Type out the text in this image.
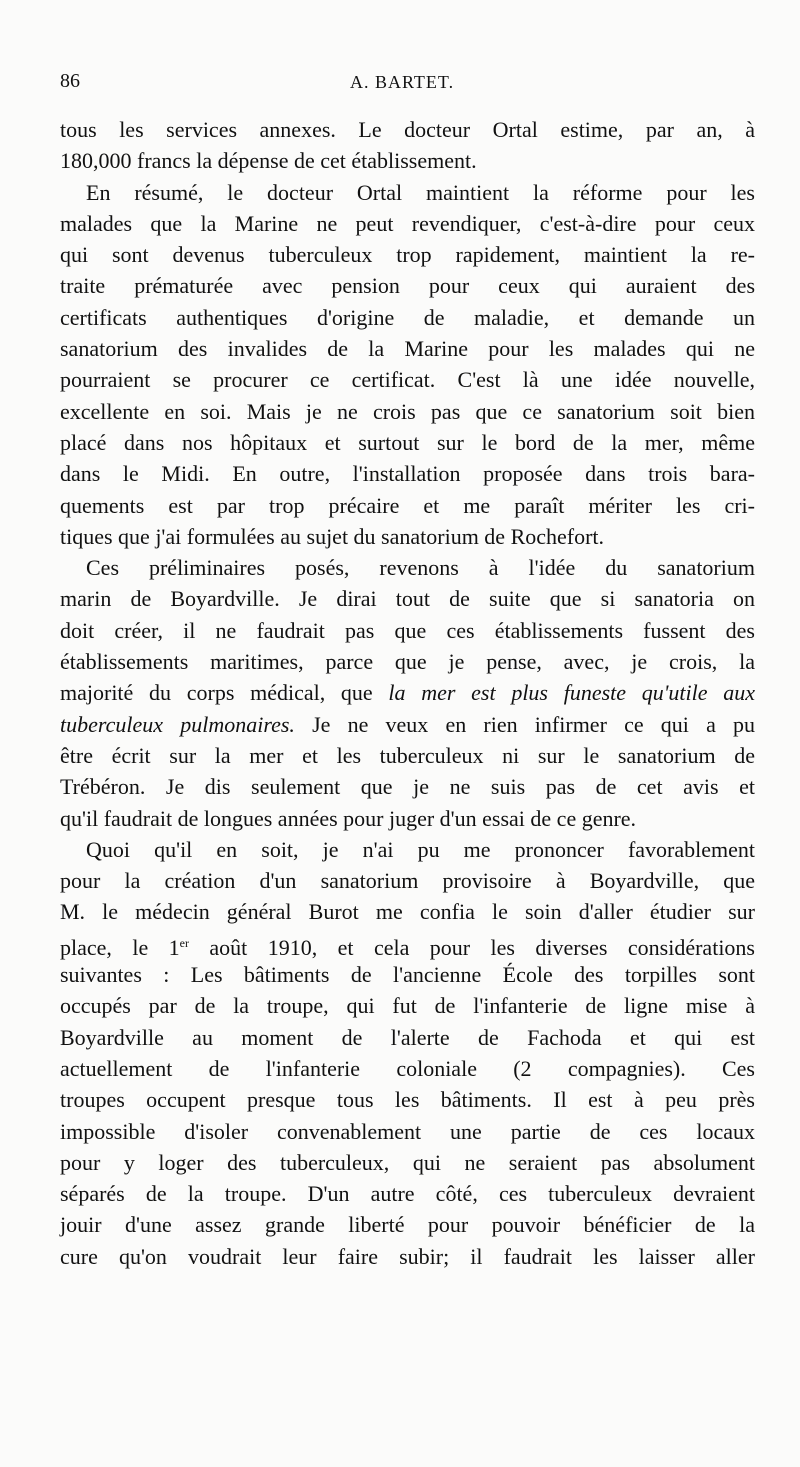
86	A. BARTET.
tous les services annexes. Le docteur Ortal estime, par an, à
180,000 francs la dépense de cet établissement.
En résumé, le docteur Ortal maintient la réforme pour les
malades que la Marine ne peut revendiquer, c'est-à-dire pour ceux
qui sont devenus tuberculeux trop rapidement, maintient la re-
traite prématurée avec pension pour ceux qui auraient des
certificats authentiques d'origine de maladie, et demande un
sanatorium des invalides de la Marine pour les malades qui ne
pourraient se procurer ce certificat. C'est là une idée nouvelle,
excellente en soi. Mais je ne crois pas que ce sanatorium soit bien
placé dans nos hôpitaux et surtout sur le bord de la mer, même
dans le Midi. En outre, l'installation proposée dans trois bara-
quements est par trop précaire et me paraît mériter les cri-
tiques que j'ai formulées au sujet du sanatorium de Rochefort.
Ces préliminaires posés, revenons à l'idée du sanatorium
marin de Boyardville. Je dirai tout de suite que si sanatoria on
doit créer, il ne faudrait pas que ces établissements fussent des
établissements maritimes, parce que je pense, avec, je crois, la
majorité du corps médical, que la mer est plus funeste qu'utile aux
tuberculeux pulmonaires. Je ne veux en rien infirmer ce qui a pu
être écrit sur la mer et les tuberculeux ni sur le sanatorium de
Trébéron. Je dis seulement que je ne suis pas de cet avis et
qu'il faudrait de longues années pour juger d'un essai de ce genre.
Quoi qu'il en soit, je n'ai pu me prononcer favorablement
pour la création d'un sanatorium provisoire à Boyardville, que
M. le médecin général Burot me confia le soin d'aller étudier sur
place, le 1er août 1910, et cela pour les diverses considérations
suivantes : Les bâtiments de l'ancienne École des torpilles sont
occupés par de la troupe, qui fut de l'infanterie de ligne mise à
Boyardville au moment de l'alerte de Fachoda et qui est
actuellement de l'infanterie coloniale (2 compagnies). Ces
troupes occupent presque tous les bâtiments. Il est à peu près
impossible d'isoler convenablement une partie de ces locaux
pour y loger des tuberculeux, qui ne seraient pas absolument
séparés de la troupe. D'un autre côté, ces tuberculeux devraient
jouir d'une assez grande liberté pour pouvoir bénéficier de la
cure qu'on voudrait leur faire subir; il faudrait les laisser aller
